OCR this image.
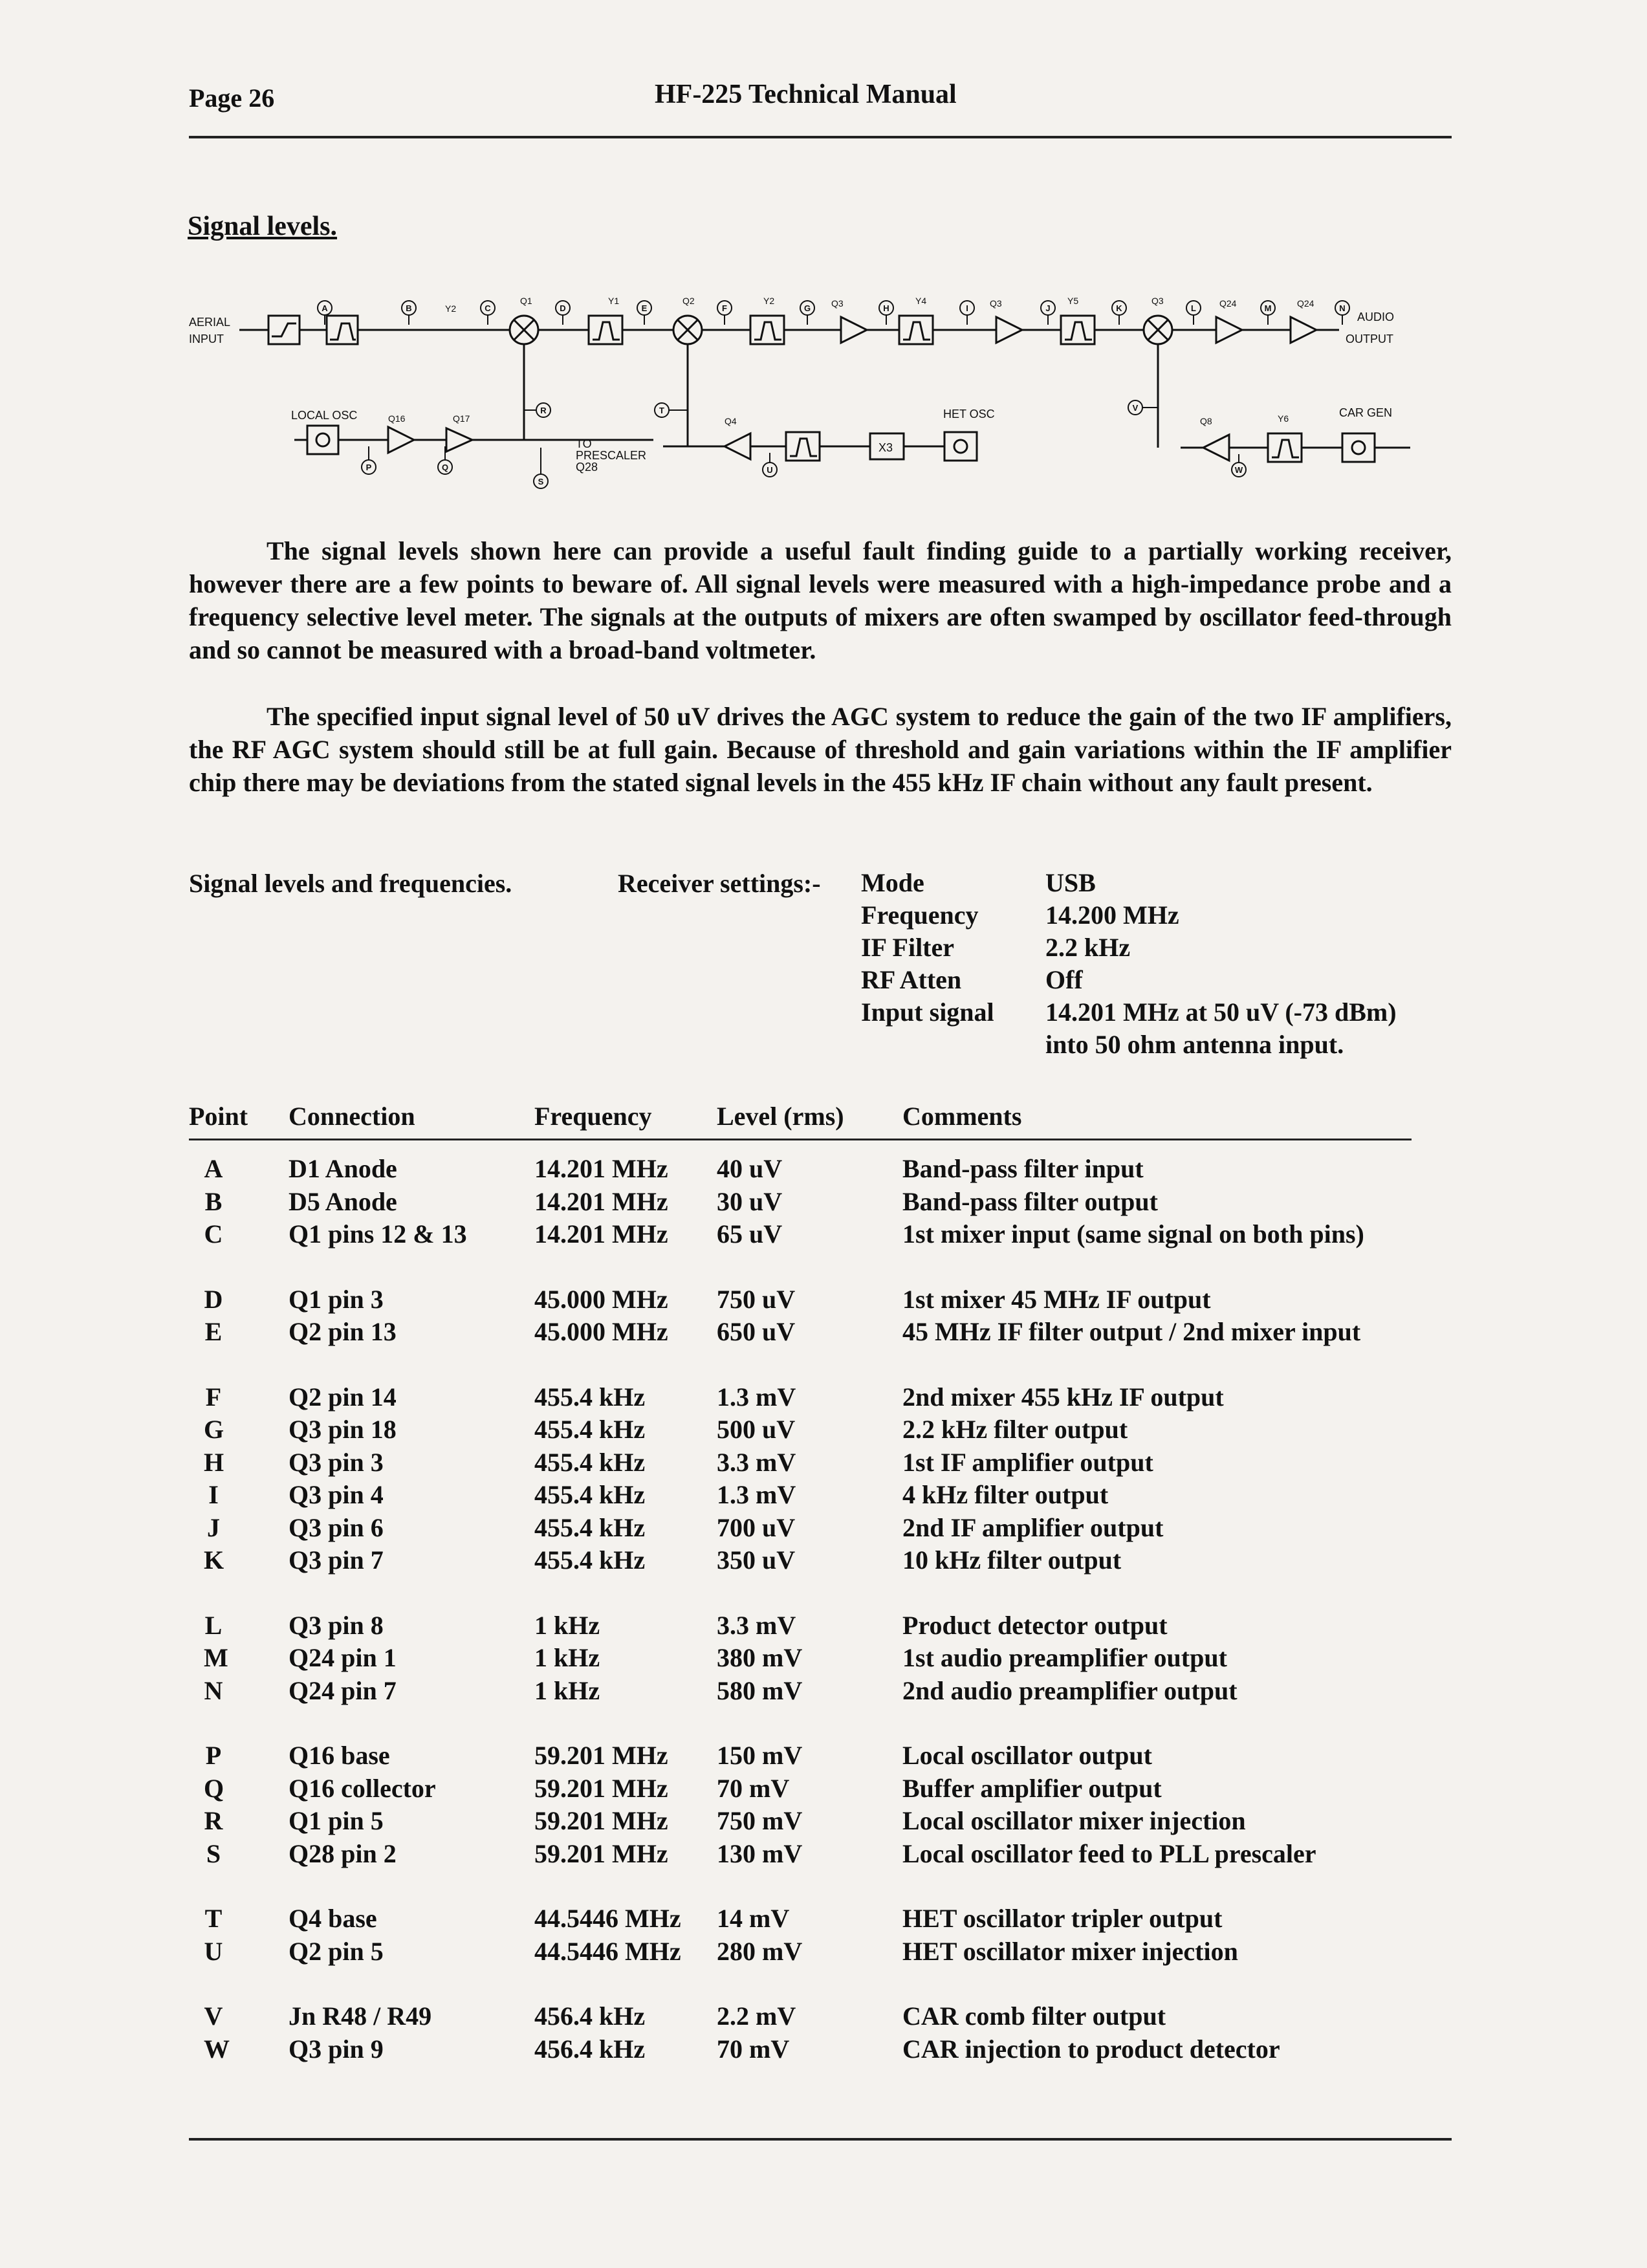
Page 26	HF-225 Technical Manual
Signal levels.
AERIAL
INPUT
AUDIO
OUTPUT
LOCAL OSC	HET OSC	CAR GEN
TO
PRESCALER
Q28
X3
Y2
Q1	Y1	Q2	Y2	Q3	Y4	Q3	Y5	Q3	Q24	Q24
Q16	Q17	Q4	Q8	Y6
A	B	C	D	E	F	G	H	I	J	K	L	M	N
P	Q
R
S
T
U
V
W

The signal levels shown here can provide a useful fault finding guide to a partially working receiver, however there are a few points to beware of. All signal levels were measured with a high-impedance probe and a frequency selective level meter. The signals at the outputs of mixers are often swamped by oscillator feed-through and so cannot be measured with a broad-band voltmeter.

The specified input signal level of 50 uV drives the AGC system to reduce the gain of the two IF amplifiers, the RF AGC system should still be at full gain. Because of threshold and gain variations within the IF amplifier chip there may be deviations from the stated signal levels in the 455 kHz IF chain without any fault present.

Signal levels and frequencies.	Receiver settings:- Mode	USB
Frequency	14.200 MHz
IF Filter	2.2 kHz
RF Atten	Off
Input signal 14.201 MHz at 50 uV (-73 dBm)
into 50 ohm antenna input.
Point Connection	Frequency	Level (rms) Comments
A	D1 Anode	14.201 MHz 40 uV	Band-pass filter input
B	D5 Anode	14.201 MHz 30 uV	Band-pass filter output
C	Q1 pins 12 & 13	14.201 MHz 65 uV	1st mixer input (same signal on both pins)
D	Q1 pin 3	45.000 MHz 750 uV	1st mixer 45 MHz IF output
E	Q2 pin 13	45.000 MHz 650 uV	45 MHz IF filter output / 2nd mixer input
F	Q2 pin 14	455.4 kHz	1.3 mV	2nd mixer 455 kHz IF output
G Q3 pin 18	455.4 kHz	500 uV	2.2 kHz filter output
H Q3 pin 3	455.4 kHz	3.3 mV	1st IF amplifier output
I	Q3 pin 4	455.4 kHz	1.3 mV	4 kHz filter output
J	Q3 pin 6	455.4 kHz	700 uV	2nd IF amplifier output
K Q3 pin 7	455.4 kHz	350 uV	10 kHz filter output
L	Q3 pin 8	1 kHz	3.3 mV	Product detector output
M Q24 pin 1	1 kHz	380 mV	1st audio preamplifier output
N	Q24 pin 7	1 kHz	580 mV	2nd audio preamplifier output
P	Q16 base	59.201 MHz 150 mV	Local oscillator output
Q Q16 collector	59.201 MHz 70 mV	Buffer amplifier output
R	Q1 pin 5	59.201 MHz 750 mV	Local oscillator mixer injection
S	Q28 pin 2	59.201 MHz 130 mV	Local oscillator feed to PLL prescaler
T	Q4 base	44.5446 MHz 14 mV	HET oscillator tripler output
U	Q2 pin 5	44.5446 MHz 280 mV	HET oscillator mixer injection
V	Jn R48 / R49	456.4 kHz	2.2 mV	CAR comb filter output
W Q3 pin 9	456.4 kHz	70 mV	CAR injection to product detector
